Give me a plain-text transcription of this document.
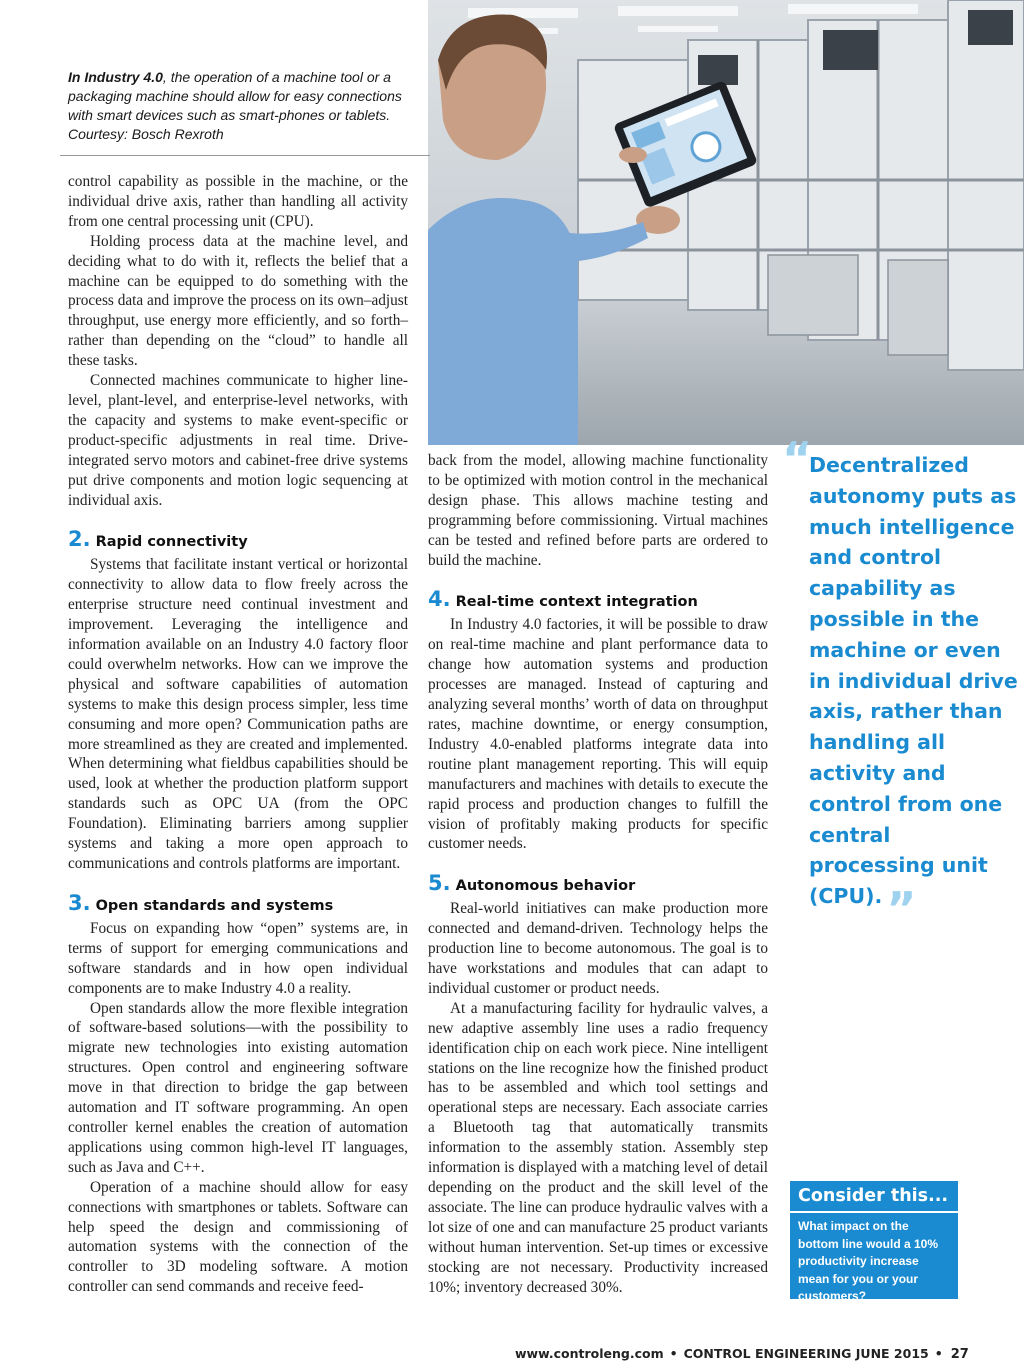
In Industry 4.0, the operation of a machine tool or a packaging machine should allow for easy connections with smart devices such as smart-phones or tablets. Courtesy: Bosch Rexroth

control capability as possible in the machine, or the individual drive axis, rather than handling all activity from one central processing unit (CPU).

Holding process data at the machine level, and deciding what to do with it, reflects the belief that a machine can be equipped to do something with the process data and improve the process on its own–adjust throughput, use energy more efficiently, and so forth–rather than depending on the “cloud” to handle all these tasks.

Connected machines communicate to higher line-level, plant-level, and enterprise-level networks, with the capacity and systems to make event-specific or product-specific adjustments in real time. Drive-integrated servo motors and cabinet-free drive systems put drive components and motion logic sequencing at individual axis.

2. Rapid connectivity

Systems that facilitate instant vertical or horizontal connectivity to allow data to flow freely across the enterprise structure need continual investment and improvement. Leveraging the intelligence and information available on an Industry 4.0 factory floor could overwhelm networks. How can we improve the physical and software capabilities of automation systems to make this design process simpler, less time consuming and more open? Communication paths are more streamlined as they are created and implemented. When determining what fieldbus capabilities should be used, look at whether the production platform support standards such as OPC UA (from the OPC Foundation). Eliminating barriers among supplier systems and taking a more open approach to communications and controls platforms are important.

3. Open standards and systems

Focus on expanding how “open” systems are, in terms of support for emerging communications and software standards and in how open individual components are to make Industry 4.0 a reality.

Open standards allow the more flexible integration of software-based solutions—with the possibility to migrate new technologies into existing automation structures. Open control and engineering software move in that direction to bridge the gap between automation and IT software programming. An open controller kernel enables the creation of automation applications using common high-level IT languages, such as Java and C++.

Operation of a machine should allow for easy connections with smartphones or tablets. Software can help speed the design and commissioning of automation systems with the connection of the controller to 3D modeling software. A motion controller can send commands and receive feed-

back from the model, allowing machine functionality to be optimized with motion control in the mechanical design phase. This allows machine testing and programming before commissioning. Virtual machines can be tested and refined before parts are ordered to build the machine.

4. Real-time context integration

In Industry 4.0 factories, it will be possible to draw on real-time machine and plant performance data to change how automation systems and production processes are managed. Instead of capturing and analyzing several months’ worth of data on throughput rates, machine downtime, or energy consumption, Industry 4.0-enabled platforms integrate data into routine plant management reporting. This will equip manufacturers and machines with details to execute the rapid process and production changes to fulfill the vision of profitably making products for specific customer needs.

5. Autonomous behavior

Real-world initiatives can make production more connected and demand-driven. Technology helps the production line to become autonomous. The goal is to have workstations and modules that can adapt to individual customer or product needs.

At a manufacturing facility for hydraulic valves, a new adaptive assembly line uses a radio frequency identification chip on each work piece. Nine intelligent stations on the line recognize how the finished product has to be assembled and which tool settings and operational steps are necessary. Each associate carries a Bluetooth tag that automatically transmits information to the assembly station. Assembly step information is displayed with a matching level of detail depending on the product and the skill level of the associate. The line can produce hydraulic valves with a lot size of one and can manufacture 25 product variants without human intervention. Set-up times or excessive stocking are not necessary. Productivity increased 10%; inventory decreased 30%.

“
Decentralized autonomy puts as much intelligence and control capability as possible in the machine or even in individual drive axis, rather than handling all activity and control from one central processing unit (CPU).”
Consider this...
What impact on the bottom line would a 10% productivity increase mean for you or your customers?
www.controleng.com • CONTROL ENGINEERING JUNE 2015 • 27
